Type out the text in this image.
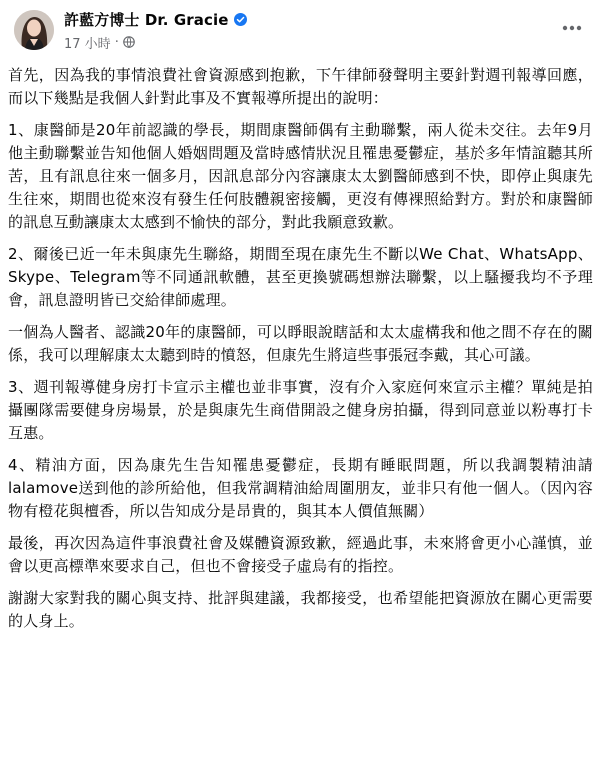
許藍方博士 Dr. Gracie
17 小時 ·

首先，因為我的事情浪費社會資源感到抱歉，下午律師發聲明主要針對週刊報導回應，而以下幾點是我個人針對此事及不實報導所提出的說明：

1、康醫師是20年前認識的學長，期間康醫師偶有主動聯繫，兩人從未交往。去年9月他主動聯繫並告知他個人婚姻問題及當時感情狀況且罹患憂鬱症，基於多年情誼聽其所苦，且有訊息往來一個多月，因訊息部分內容讓康太太劉醫師感到不快，即停止與康先生往來，期間也從來沒有發生任何肢體親密接觸，更沒有傳裸照給對方。對於和康醫師的訊息互動讓康太太感到不愉快的部分，對此我願意致歉。

2、爾後已近一年未與康先生聯絡，期間至現在康先生不斷以We Chat、WhatsApp、Skype、Telegram等不同通訊軟體，甚至更換號碼想辦法聯繫，以上騷擾我均不予理會，訊息證明皆已交給律師處理。

一個為人醫者、認識20年的康醫師，可以睜眼說瞎話和太太虛構我和他之間不存在的關係，我可以理解康太太聽到時的憤怒，但康先生將這些事張冠李戴，其心可議。

3、週刊報導健身房打卡宣示主權也並非事實，沒有介入家庭何來宣示主權？單純是拍攝團隊需要健身房場景，於是與康先生商借開設之健身房拍攝，得到同意並以粉專打卡互惠。

4、精油方面，因為康先生告知罹患憂鬱症，長期有睡眠問題，所以我調製精油請lalamove送到他的診所給他，但我常調精油給周圍朋友，並非只有他一個人。（因內容物有橙花與檀香，所以告知成分是昂貴的，與其本人價值無關）

最後，再次因為這件事浪費社會及媒體資源致歉，經過此事，未來將會更小心謹慎，並會以更高標準來要求自己，但也不會接受子虛烏有的指控。

謝謝大家對我的關心與支持、批評與建議，我都接受，也希望能把資源放在關心更需要的人身上。
